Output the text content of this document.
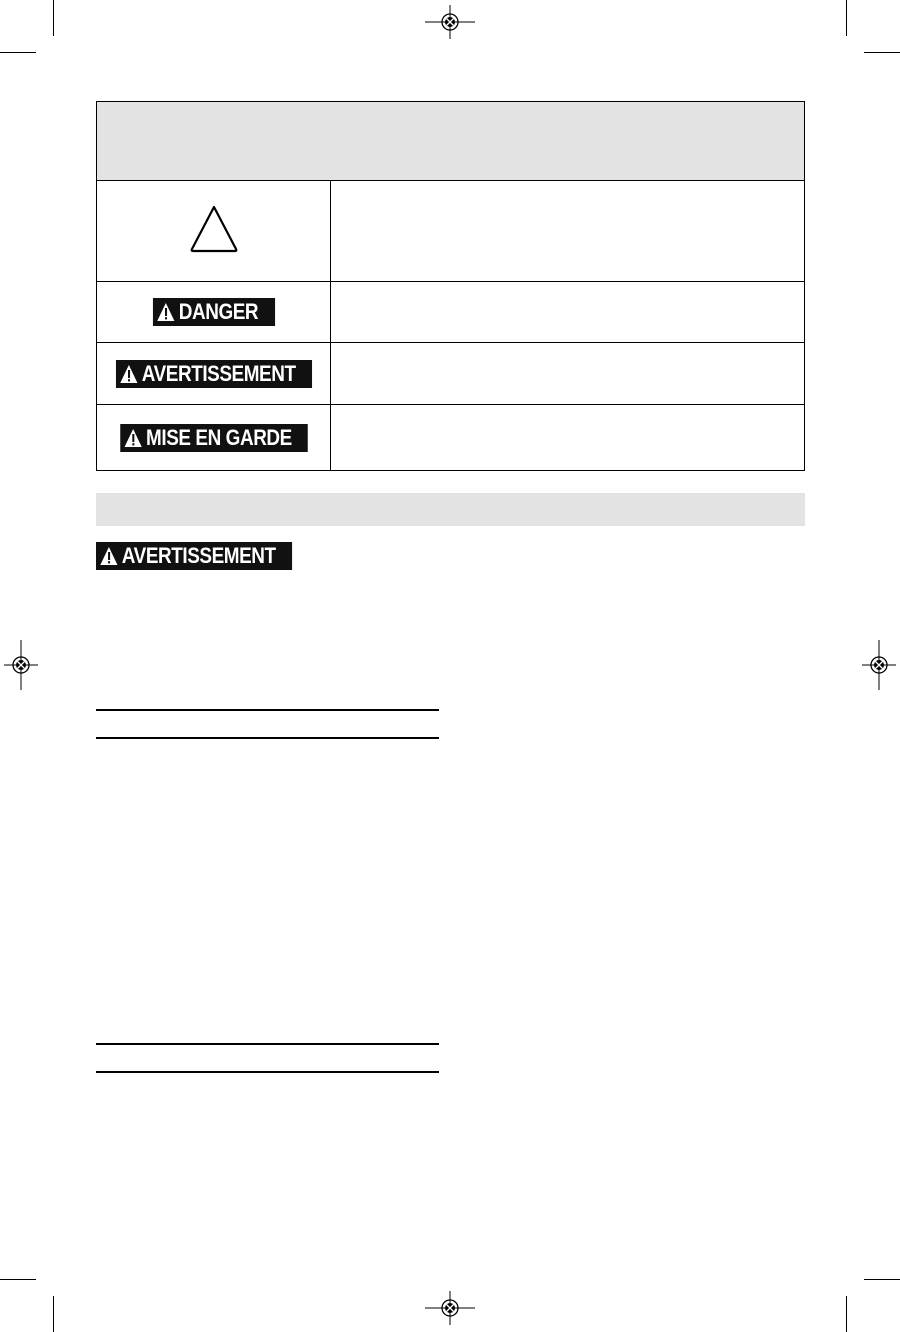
DANGER
AVERTISSEMENT
MISE EN GARDE
AVERTISSEMENT
